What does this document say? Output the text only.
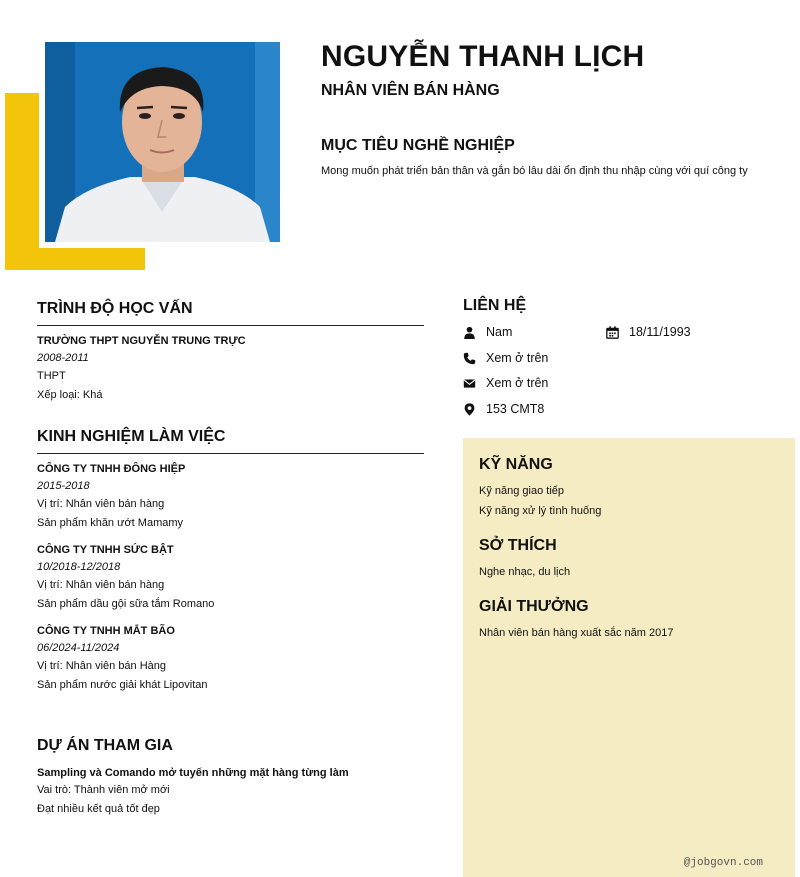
NGUYỄN THANH LỊCH
NHÂN VIÊN BÁN HÀNG
MỤC TIÊU NGHỀ NGHIỆP
Mong muốn phát triển bản thân và gắn bó lâu dài ổn định thu nhập cùng với quí công ty
TRÌNH ĐỘ HỌC VẤN
TRƯỜNG THPT NGUYỄN TRUNG TRỰC
2008-2011
THPT
Xếp loại: Khá
KINH NGHIỆM LÀM VIỆC
CÔNG TY TNHH ĐÔNG HIỆP
2015-2018
Vị trí: Nhân viên bán hàng
Sản phẩm khăn ướt Mamamy
CÔNG TY TNHH SỨC BẬT
10/2018-12/2018
Vị trí: Nhân viên bán hàng
Sản phẩm dầu gội sữa tắm Romano
CÔNG TY TNHH MẮT BÃO
06/2024-11/2024
Vị trí: Nhân viên bán Hàng
Sản phẩm nước giải khát Lipovitan
DỰ ÁN THAM GIA
Sampling và Comando mở tuyến những mặt hàng từng làm
Vai trò: Thành viên mở mới
Đạt nhiều kết quả tốt đẹp
LIÊN HỆ
Nam	18/11/1993
Xem ở trên
Xem ở trên
153 CMT8
KỸ NĂNG
Kỹ năng giao tiếp
Kỹ năng xử lý tình huống
SỞ THÍCH
Nghe nhạc, du lịch
GIẢI THƯỞNG
Nhân viên bán hàng xuất sắc năm 2017
@jobgovn.com
